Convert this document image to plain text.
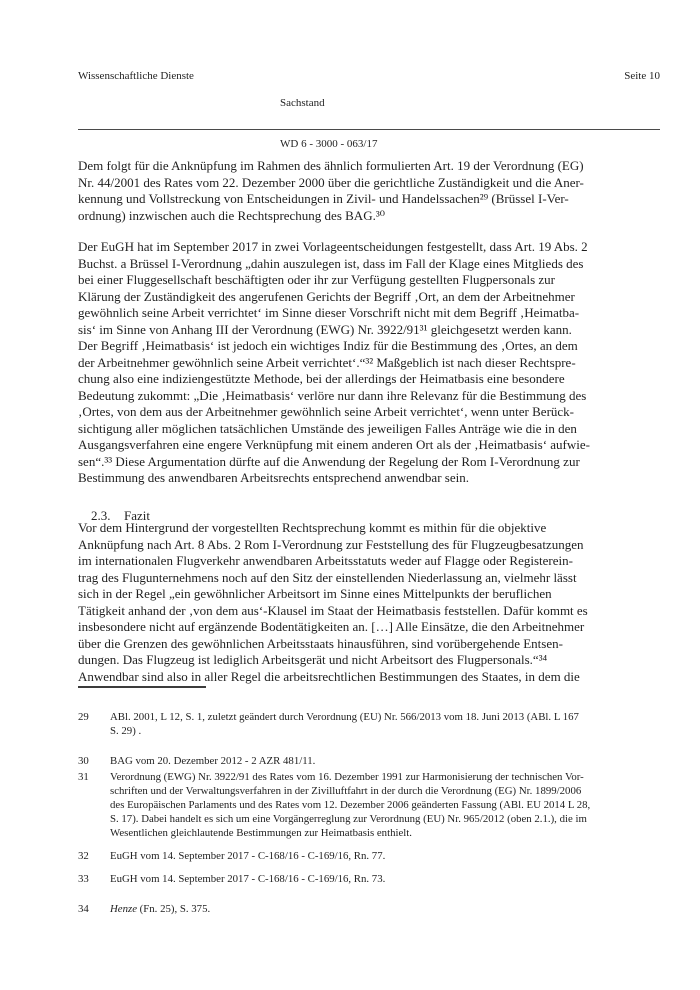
Wissenschaftliche Dienste

Sachstand

WD 6 - 3000 - 063/17

Seite 10
Dem folgt für die Anknüpfung im Rahmen des ähnlich formulierten Art. 19 der Verordnung (EG)
Nr. 44/2001 des Rates vom 22. Dezember 2000 über die gerichtliche Zuständigkeit und die Aner-
kennung und Vollstreckung von Entscheidungen in Zivil- und Handelssachen²⁹ (Brüssel I-Ver-
ordnung) inzwischen auch die Rechtsprechung des BAG.³⁰
Der EuGH hat im September 2017 in zwei Vorlageentscheidungen festgestellt, dass Art. 19 Abs. 2
Buchst. a Brüssel I-Verordnung „dahin auszulegen ist, dass im Fall der Klage eines Mitglieds des
bei einer Fluggesellschaft beschäftigten oder ihr zur Verfügung gestellten Flugpersonals zur
Klärung der Zuständigkeit des angerufenen Gerichts der Begriff ‚Ort, an dem der Arbeitnehmer
gewöhnlich seine Arbeit verrichtet‘ im Sinne dieser Vorschrift nicht mit dem Begriff ‚Heimatba-
sis‘ im Sinne von Anhang III der Verordnung (EWG) Nr. 3922/91³¹ gleichgesetzt werden kann.
Der Begriff ‚Heimatbasis‘ ist jedoch ein wichtiges Indiz für die Bestimmung des ‚Ortes, an dem
der Arbeitnehmer gewöhnlich seine Arbeit verrichtet‘.“³² Maßgeblich ist nach dieser Rechtspre-
chung also eine indiziengestützte Methode, bei der allerdings der Heimatbasis eine besondere
Bedeutung zukommt: „Die ‚Heimatbasis‘ verlöre nur dann ihre Relevanz für die Bestimmung des
‚Ortes, von dem aus der Arbeitnehmer gewöhnlich seine Arbeit verrichtet‘, wenn unter Berück-
sichtigung aller möglichen tatsächlichen Umstände des jeweiligen Falles Anträge wie die in den
Ausgangsverfahren eine engere Verknüpfung mit einem anderen Ort als der ‚Heimatbasis‘ aufwie-
sen“.³³ Diese Argumentation dürfte auf die Anwendung der Regelung der Rom I-Verordnung zur
Bestimmung des anwendbaren Arbeitsrechts entsprechend anwendbar sein.

2.3. Fazit

Vor dem Hintergrund der vorgestellten Rechtsprechung kommt es mithin für die objektive
Anknüpfung nach Art. 8 Abs. 2 Rom I-Verordnung zur Feststellung des für Flugzeugbesatzungen
im internationalen Flugverkehr anwendbaren Arbeitsstatuts weder auf Flagge oder Registerein-
trag des Flugunternehmens noch auf den Sitz der einstellenden Niederlassung an, vielmehr lässt
sich in der Regel „ein gewöhnlicher Arbeitsort im Sinne eines Mittelpunkts der beruflichen
Tätigkeit anhand der ‚von dem aus‘-Klausel im Staat der Heimatbasis feststellen. Dafür kommt es
insbesondere nicht auf ergänzende Bodentätigkeiten an. […] Alle Einsätze, die den Arbeitnehmer
über die Grenzen des gewöhnlichen Arbeitsstaats hinausführen, sind vorübergehende Entsen-
dungen. Das Flugzeug ist lediglich Arbeitsgerät und nicht Arbeitsort des Flugpersonals.“³⁴
Anwendbar sind also in aller Regel die arbeitsrechtlichen Bestimmungen des Staates, in dem die
29	ABl. 2001, L 12, S. 1, zuletzt geändert durch Verordnung (EU) Nr. 566/2013 vom 18. Juni 2013 (ABl. L 167
S. 29) .
30	BAG vom 20. Dezember 2012 - 2 AZR 481/11.
31	Verordnung (EWG) Nr. 3922/91 des Rates vom 16. Dezember 1991 zur Harmonisierung der technischen Vor-
schriften und der Verwaltungsverfahren in der Zivilluftfahrt in der durch die Verordnung (EG) Nr. 1899/2006
des Europäischen Parlaments und des Rates vom 12. Dezember 2006 geänderten Fassung (ABl. EU 2014 L 28,
S. 17). Dabei handelt es sich um eine Vorgängerreglung zur Verordnung (EU) Nr. 965/2012 (oben 2.1.), die im
Wesentlichen gleichlautende Bestimmungen zur Heimatbasis enthielt.
32	EuGH vom 14. September 2017 - C-168/16 - C-169/16, Rn. 77.
33	EuGH vom 14. September 2017 - C-168/16 - C-169/16, Rn. 73.
34	Henze (Fn. 25), S. 375.
